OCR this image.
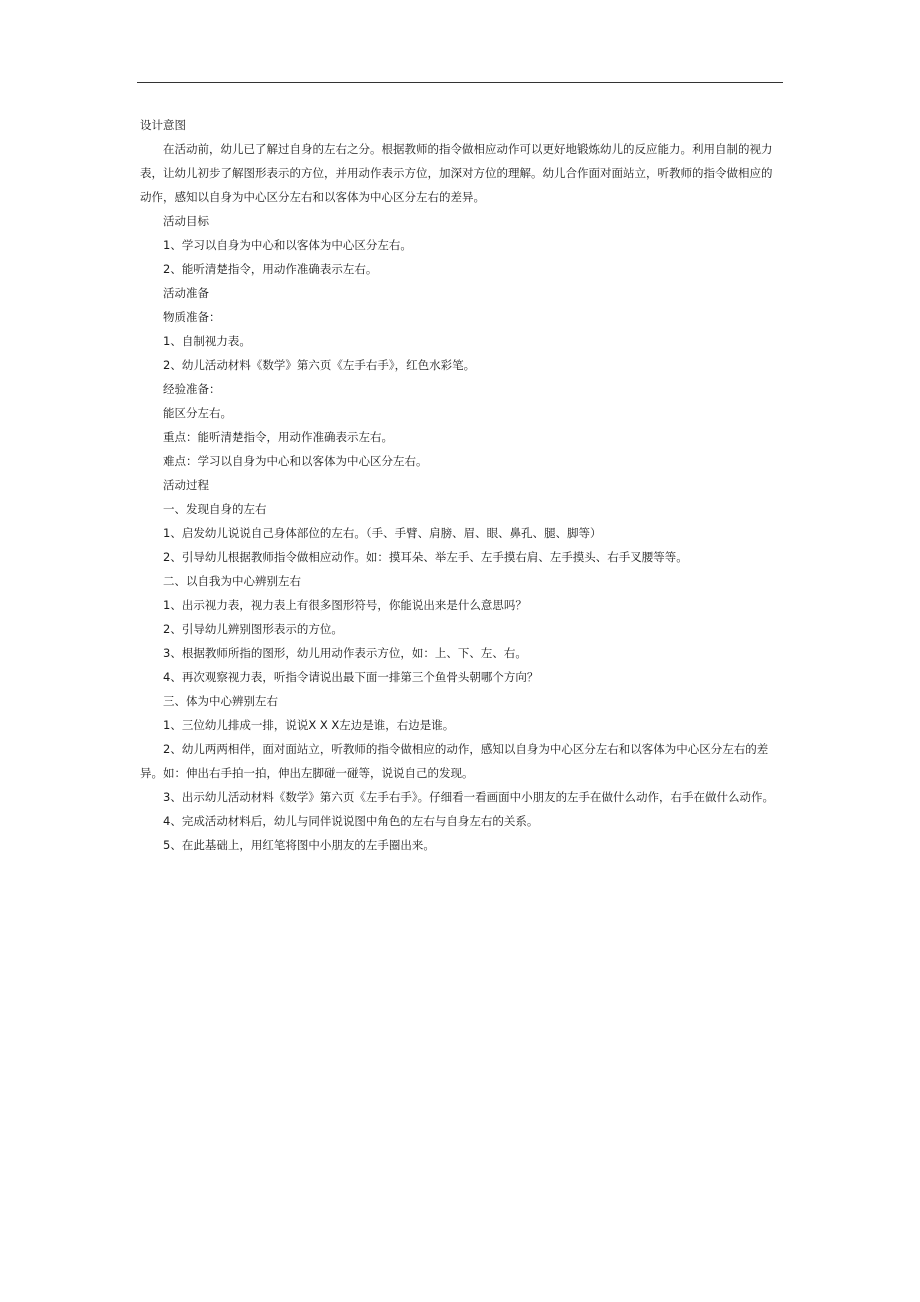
设计意图

在活动前，幼儿已了解过自身的左右之分。根据教师的指令做相应动作可以更好地锻炼幼儿的反应能力。利用自制的视力表，让幼儿初步了解图形表示的方位，并用动作表示方位，加深对方位的理解。幼儿合作面对面站立，听教师的指令做相应的动作，感知以自身为中心区分左右和以客体为中心区分左右的差异。

活动目标

1、学习以自身为中心和以客体为中心区分左右。

2、能听清楚指令，用动作准确表示左右。

活动准备

物质准备：

1、自制视力表。

2、幼儿活动材料《数学》第六页《左手右手》，红色水彩笔。

经验准备：

能区分左右。

重点：能听清楚指令，用动作准确表示左右。

难点：学习以自身为中心和以客体为中心区分左右。

活动过程

一、发现自身的左右

1、启发幼儿说说自己身体部位的左右。（手、手臂、肩膀、眉、眼、鼻孔、腿、脚等）

2、引导幼儿根据教师指令做相应动作。如：摸耳朵、举左手、左手摸右肩、左手摸头、右手叉腰等等。

二、以自我为中心辨别左右

1、出示视力表，视力表上有很多图形符号，你能说出来是什么意思吗？

2、引导幼儿辨别图形表示的方位。

3、根据教师所指的图形，幼儿用动作表示方位，如：上、下、左、右。

4、再次观察视力表，听指令请说出最下面一排第三个鱼骨头朝哪个方向？

三、体为中心辨别左右

1、三位幼儿排成一排，说说X X X左边是谁，右边是谁。

2、幼儿两两相伴，面对面站立，听教师的指令做相应的动作，感知以自身为中心区分左右和以客体为中心区分左右的差异。如：伸出右手拍一拍，伸出左脚碰一碰等，说说自己的发现。

3、出示幼儿活动材料《数学》第六页《左手右手》。仔细看一看画面中小朋友的左手在做什么动作，右手在做什么动作。

4、完成活动材料后，幼儿与同伴说说图中角色的左右与自身左右的关系。

5、在此基础上，用红笔将图中小朋友的左手圈出来。
